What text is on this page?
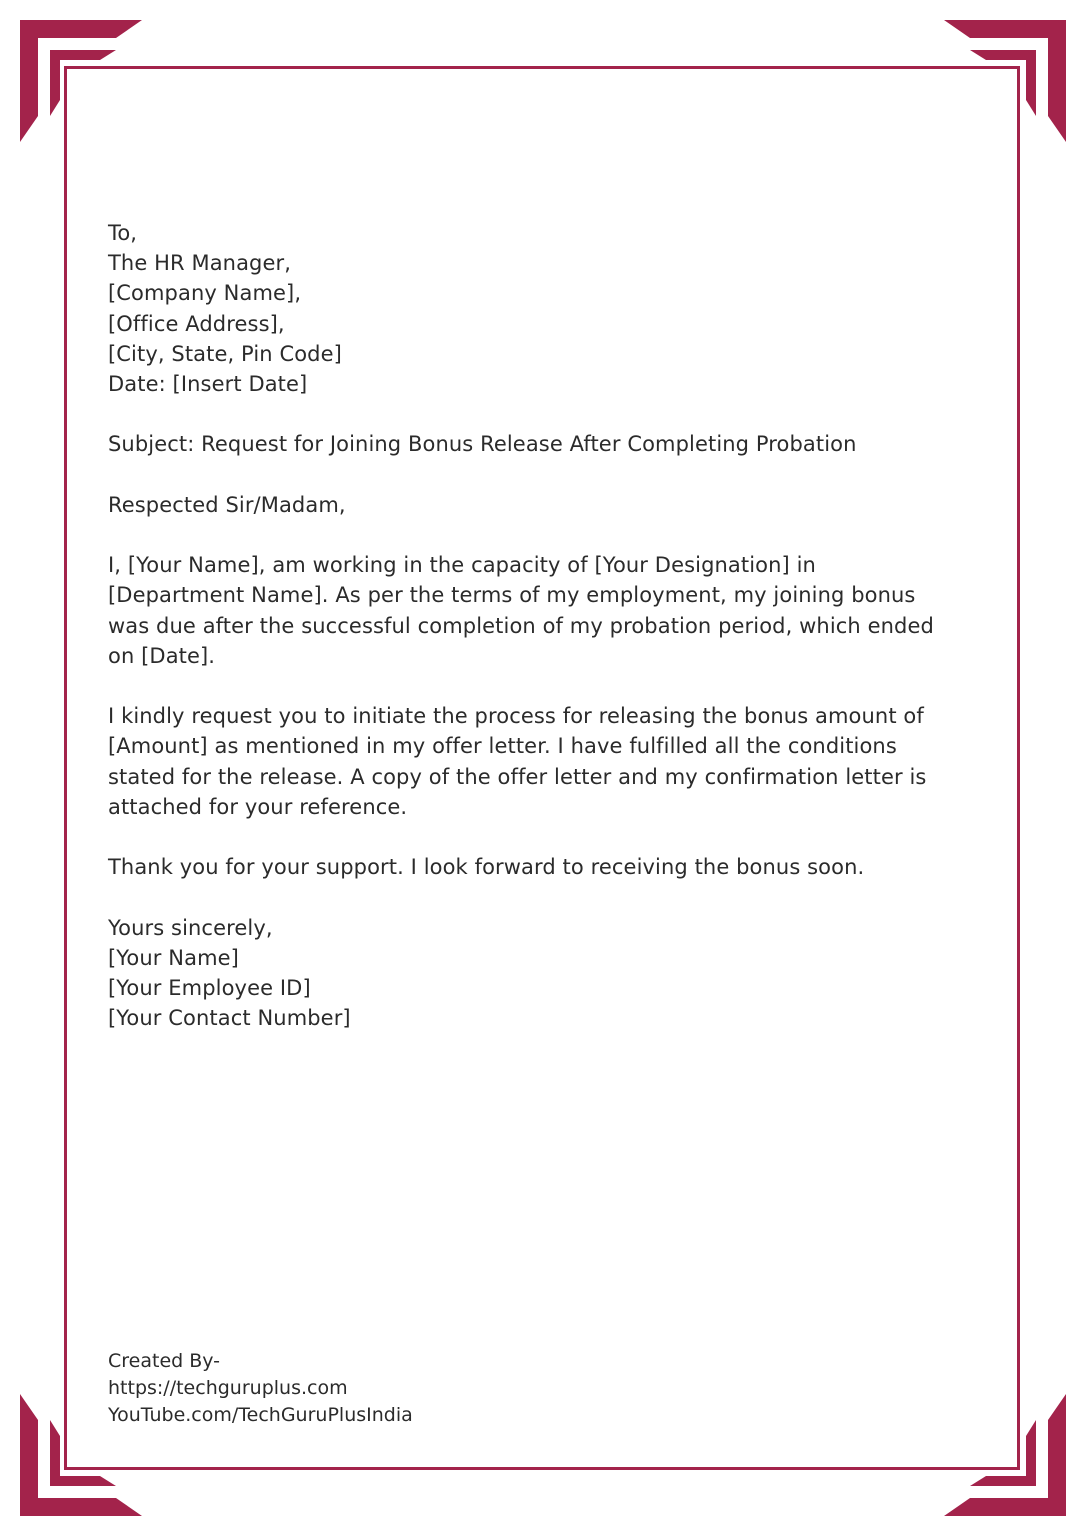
To,
The HR Manager,
[Company Name],
[Office Address],
[City, State, Pin Code]
Date: [Insert Date]
Subject: Request for Joining Bonus Release After Completing Probation
Respected Sir/Madam,
I, [Your Name], am working in the capacity of [Your Designation] in
[Department Name]. As per the terms of my employment, my joining bonus
was due after the successful completion of my probation period, which ended
on [Date].
I kindly request you to initiate the process for releasing the bonus amount of
[Amount] as mentioned in my offer letter. I have fulfilled all the conditions
stated for the release. A copy of the offer letter and my confirmation letter is
attached for your reference.
Thank you for your support. I look forward to receiving the bonus soon.
Yours sincerely,
[Your Name]
[Your Employee ID]
[Your Contact Number]
Created By-
https://techguruplus.com
YouTube.com/TechGuruPlusIndia
